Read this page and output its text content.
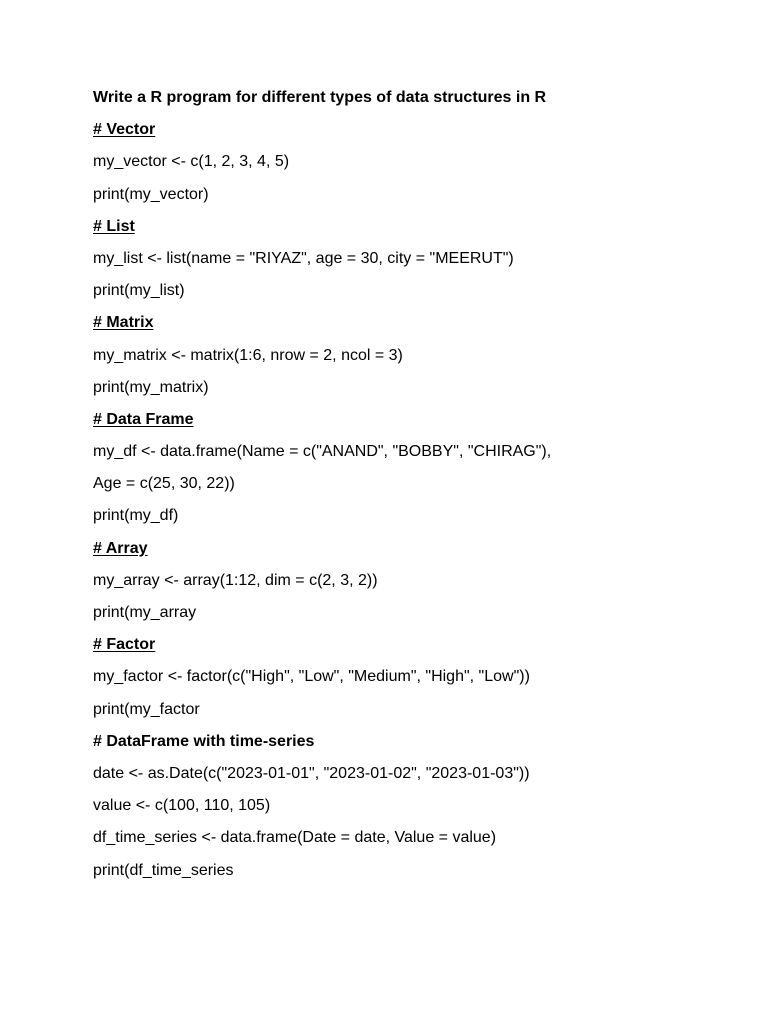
Write a R program for different types of data structures in R
# Vector
my_vector <- c(1, 2, 3, 4, 5)
print(my_vector)
# List
my_list <- list(name = "RIYAZ", age = 30, city = "MEERUT")
print(my_list)
# Matrix
my_matrix <- matrix(1:6, nrow = 2, ncol = 3)
print(my_matrix)
# Data Frame
my_df <- data.frame(Name = c("ANAND", "BOBBY", "CHIRAG"),
Age = c(25, 30, 22))
print(my_df)
# Array
my_array <- array(1:12, dim = c(2, 3, 2))
print(my_array
# Factor
my_factor <- factor(c("High", "Low", "Medium", "High", "Low"))
print(my_factor
# DataFrame with time-series
date <- as.Date(c("2023-01-01", "2023-01-02", "2023-01-03"))
value <- c(100, 110, 105)
df_time_series <- data.frame(Date = date, Value = value)
print(df_time_series
